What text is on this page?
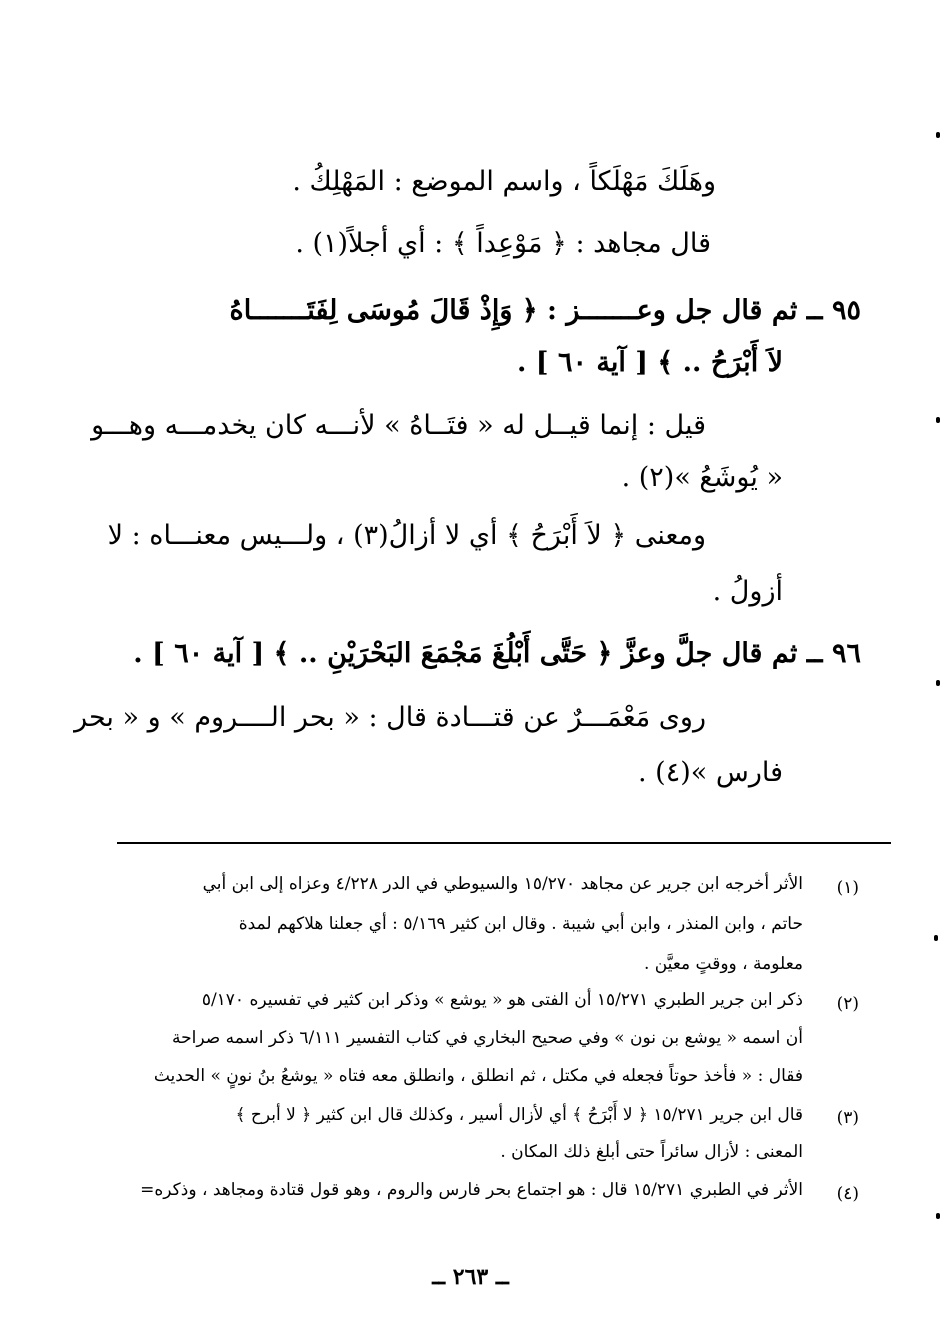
وهَلَكَ مَهْلَكاً ، واسم الموضع : المَهْلِكُ .
قال مجاهد : ﴿ مَوْعِداً ﴾ : أي أجلاً(١) .
٩٥ ــ ثم قال جل وعـــــــز : ﴿ وَإِذْ قَالَ مُوسَى لِفَتَـــــــاهُ
لاَ أَبْرَحُ .. ﴾ [ آية ٦٠ ] .
قيل : إنما قيــل له « فتَــاهُ » لأنـــه كان يخدمـــه وهـــو
« يُوشَعُ »(٢) .
ومعنى ﴿ لاَ أَبْرَحُ ﴾ أي لا أزالُ(٣) ، ولـــيس معنـــاه : لا
أزولُ .
٩٦ ــ ثم قال جلَّ وعزَّ ﴿ حَتَّى أَبْلُغَ مَجْمَعَ البَحْرَيْنِ .. ﴾ [ آية ٦٠ ] .
روى مَعْمَـــرٌ عن قتـــادة قال : « بحر الــــروم » و « بحر
فارس »(٤) .
(١)
الأثر أخرجه ابن جرير عن مجاهد ١٥/٢٧٠ والسيوطي في الدر ٤/٢٢٨ وعزاه إلى ابن أبي
حاتم ، وابن المنذر ، وابن أبي شيبة . وقال ابن كثير ٥/١٦٩ : أي جعلنا هلاكهم لمدة
معلومة ، ووقتٍ معيَّن .
(٢)
ذكر ابن جرير الطبري ١٥/٢٧١ أن الفتى هو « يوشع » وذكر ابن كثير في تفسيره ٥/١٧٠
أن اسمه « يوشع بن نون » وفي صحيح البخاري في كتاب التفسير ٦/١١١ ذكر اسمه صراحة
فقال : « فأخذ حوتاً فجعله في مكتل ، ثم انطلق ، وانطلق معه فتاه « يوشعُ بنُ نونٍ » الحديث
(٣)
قال ابن جرير ١٥/٢٧١ ﴿ لا أَبْرَحُ ﴾ أي لأزال أسير ، وكذلك قال ابن كثير ﴿ لا أبرح ﴾
المعنى : لأزال سائراً حتى أبلغ ذلك المكان .
(٤)
الأثر في الطبري ١٥/٢٧١ قال : هو اجتماع بحر فارس والروم ، وهو قول قتادة ومجاهد ، وذكره=
ــ ٢٦٣ ــ
